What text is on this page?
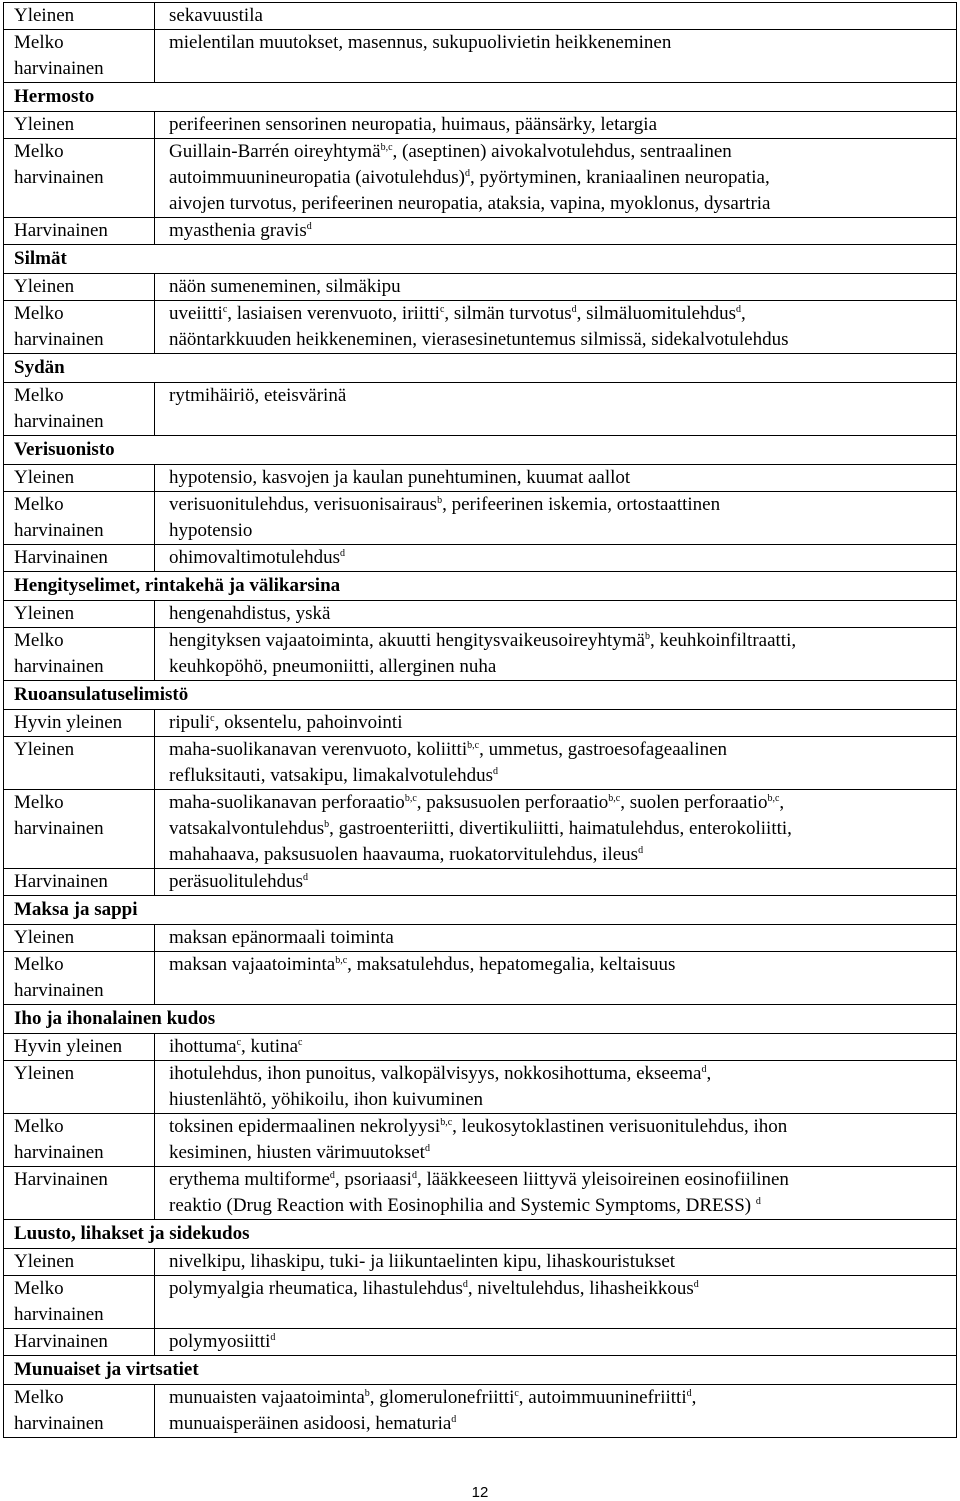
Yleinen	sekavuustila

Melko
harvinainen	mielentilan muutokset, masennus, sukupuolivietin heikkeneminen

Hermosto	

Yleinen	perifeerinen sensorinen neuropatia, huimaus, päänsärky, letargia

Melko
harvinainen	Guillain-Barrén oireyhtymä$^{b,c}$, (aseptinen) aivokalvotulehdus, sentraalinen
autoimmuunineuropatia (aivotulehdus)$^d$, pyörtyminen, kraniaalinen neuropatia,
aivojen turvotus, perifeerinen neuropatia, ataksia, vapina, myoklonus, dysartria

Harvinainen	myasthenia gravis$^d$

Silmät	

Yleinen	näön sumeneminen, silmäkipu

Melko
harvinainen	uveiitti$^c$, lasiaisen verenvuoto, iriitti$^c$, silmän turvotus$^d$, silmäluomitulehdus$^d$,
näöntarkkuuden heikkeneminen, vierasesinetuntemus silmissä, sidekalvotulehdus

Sydän	

Melko
harvinainen	rytmihäiriö, eteisvärinä

Verisuonisto	

Yleinen	hypotensio, kasvojen ja kaulan punehtuminen, kuumat aallot

Melko
harvinainen	verisuonitulehdus, verisuonisairaus$^b$, perifeerinen iskemia, ortostaattinen
hypotensio

Harvinainen	ohimovaltimotulehdus$^d$

Hengityselimet, rintakehä ja välikarsina	

Yleinen	hengenahdistus, yskä

Melko
harvinainen	hengityksen vajaatoiminta, akuutti hengitysvaikeusoireyhtymä$^b$, keuhkoinfiltraatti,
keuhkopöhö, pneumoniitti, allerginen nuha

Ruoansulatuselimistö	

Hyvin yleinen	ripuli$^c$, oksentelu, pahoinvointi

Yleinen	maha-suolikanavan verenvuoto, koliitti$^{b,c}$, ummetus, gastroesofageaalinen
refluksitauti, vatsakipu, limakalvotulehdus$^d$

Melko
harvinainen	maha-suolikanavan perforaatio$^{b,c}$, paksusuolen perforaatio$^{b,c}$, suolen perforaatio$^{b,c}$,
vatsakalvontulehdus$^b$, gastroenteriitti, divertikuliitti, haimatulehdus, enterokoliitti,
mahahaava, paksusuolen haavauma, ruokatorvitulehdus, ileus$^d$

Harvinainen	peräsuolitulehdus$^d$

Maksa ja sappi	

Yleinen	maksan epänormaali toiminta

Melko
harvinainen	maksan vajaatoiminta$^{b,c}$, maksatulehdus, hepatomegalia, keltaisuus

Iho ja ihonalainen kudos	

Hyvin yleinen	ihottuma$^c$, kutina$^c$

Yleinen	ihotulehdus, ihon punoitus, valkopälvisyys, nokkosihottuma, ekseema$^d$,
hiustenlähtö, yöhikoilu, ihon kuivuminen

Melko
harvinainen	toksinen epidermaalinen nekrolyysi$^{b,c}$, leukosytoklastinen verisuonitulehdus, ihon
kesiminen, hiusten värimuutokset$^d$

Harvinainen	erythema multiforme$^d$, psoriaasi$^d$, lääkkeeseen liittyvä yleisoireinen eosinofiilinen
reaktio (Drug Reaction with Eosinophilia and Systemic Symptoms, DRESS) $^d$

Luusto, lihakset ja sidekudos	

Yleinen	nivelkipu, lihaskipu, tuki- ja liikuntaelinten kipu, lihaskouristukset

Melko
harvinainen	polymyalgia rheumatica, lihastulehdus$^d$, niveltulehdus, lihasheikkous$^d$

Harvinainen	polymyosiitti$^d$

Munuaiset ja virtsatiet	

Melko
harvinainen	munuaisten vajaatoiminta$^b$, glomerulonefriitti$^c$, autoimmuuninefriitti$^d$,
munuaisperäinen asidoosi, hematuria$^d$
12
